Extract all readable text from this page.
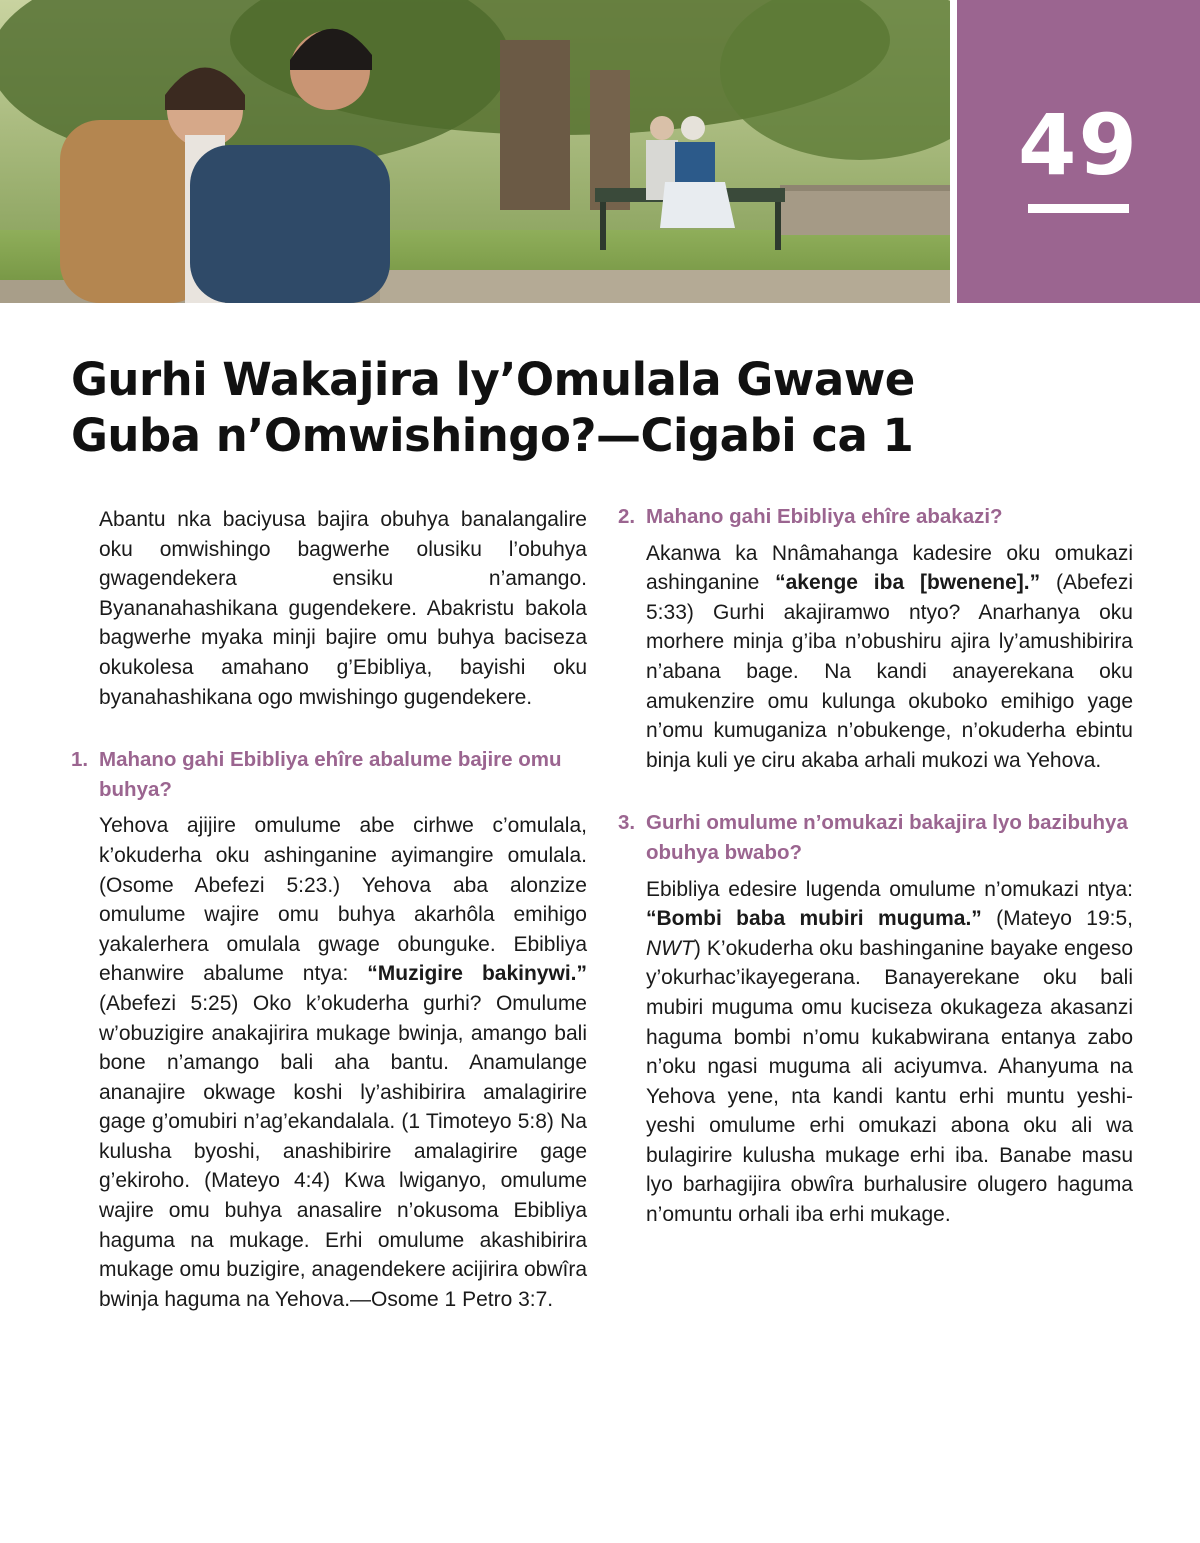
49
Gurhi Wakajira ly’Omulala Gwawe
Guba n’Omwishingo?—Cigabi ca 1

Abantu nka baciyusa bajira obuhya banalangalire oku omwishingo bagwerhe olusiku l’obuhya gwagendekera ensiku n’amango. Byananahashikana gugendekere. Abakristu bakola bagwerhe myaka minji bajire omu buhya baciseza okukolesa amahano g’Ebibliya, bayishi oku byanahashikana ogo mwishingo gugendekere.

1. Mahano gahi Ebibliya ehîre abalume bajire omu buhya?

Yehova ajijire omulume abe cirhwe c’omulala, k’okuderha oku ashinganine ayimangire omulala. (Osome Abefezi 5:23.) Yehova aba alonzize omulume wajire omu buhya akarhôla emihigo yakalerhera omulala gwage obunguke. Ebibliya ehanwire abalume ntya: “Muzigire bakinywi.” (Abefezi 5:25) Oko k’okuderha gurhi? Omulume w’obuzigire anakajirira mukage bwinja, amango bali bone n’amango bali aha bantu. Anamulange ananajire okwage koshi ly’ashibirira amalagirire gage g’omubiri n’ag’ekandalala. (1 Timoteyo 5:8) Na kulusha byoshi, anashibirire amalagirire gage g’ekiroho. (Mateyo 4:4) Kwa lwiganyo, omulume wajire omu buhya anasalire n’okusoma Ebibliya haguma na mukage. Erhi omulume akashibirira mukage omu buzigire, anagendekere acijirira obwîra bwinja haguma na Yehova.—Osome 1 Petro 3:7.

2. Mahano gahi Ebibliya ehîre abakazi?

Akanwa ka Nnâmahanga kadesire oku omukazi ashinganine “akenge iba [bwenene].” (Abefezi 5:33) Gurhi akajiramwo ntyo? Anarhanya oku morhere minja g’iba n’obushiru ajira ly’amushibirira n’abana bage. Na kandi anayerekana oku amukenzire omu kulunga okuboko emihigo yage n’omu kumuganiza n’obukenge, n’okuderha ebintu binja kuli ye ciru akaba arhali mukozi wa Yehova.

3. Gurhi omulume n’omukazi bakajira lyo bazibuhya obuhya bwabo?

Ebibliya edesire lugenda omulume n’omukazi ntya: “Bombi baba mubiri muguma.” (Mateyo 19:5, NWT) K’okuderha oku bashinganine bayake engeso y’okurhac’ikayegerana. Banayerekane oku bali mubiri muguma omu kuciseza okukageza akasanzi haguma bombi n’omu kukabwirana entanya zabo n’oku ngasi muguma ali aciyumva. Ahanyuma na Yehova yene, nta kandi kantu erhi muntu yeshi-yeshi omulume erhi omukazi abona oku ali wa bulagirire kulusha mukage erhi iba. Banabe masu lyo barhagijira obwîra burhalusire olugero haguma n’omuntu orhali iba erhi mukage.
